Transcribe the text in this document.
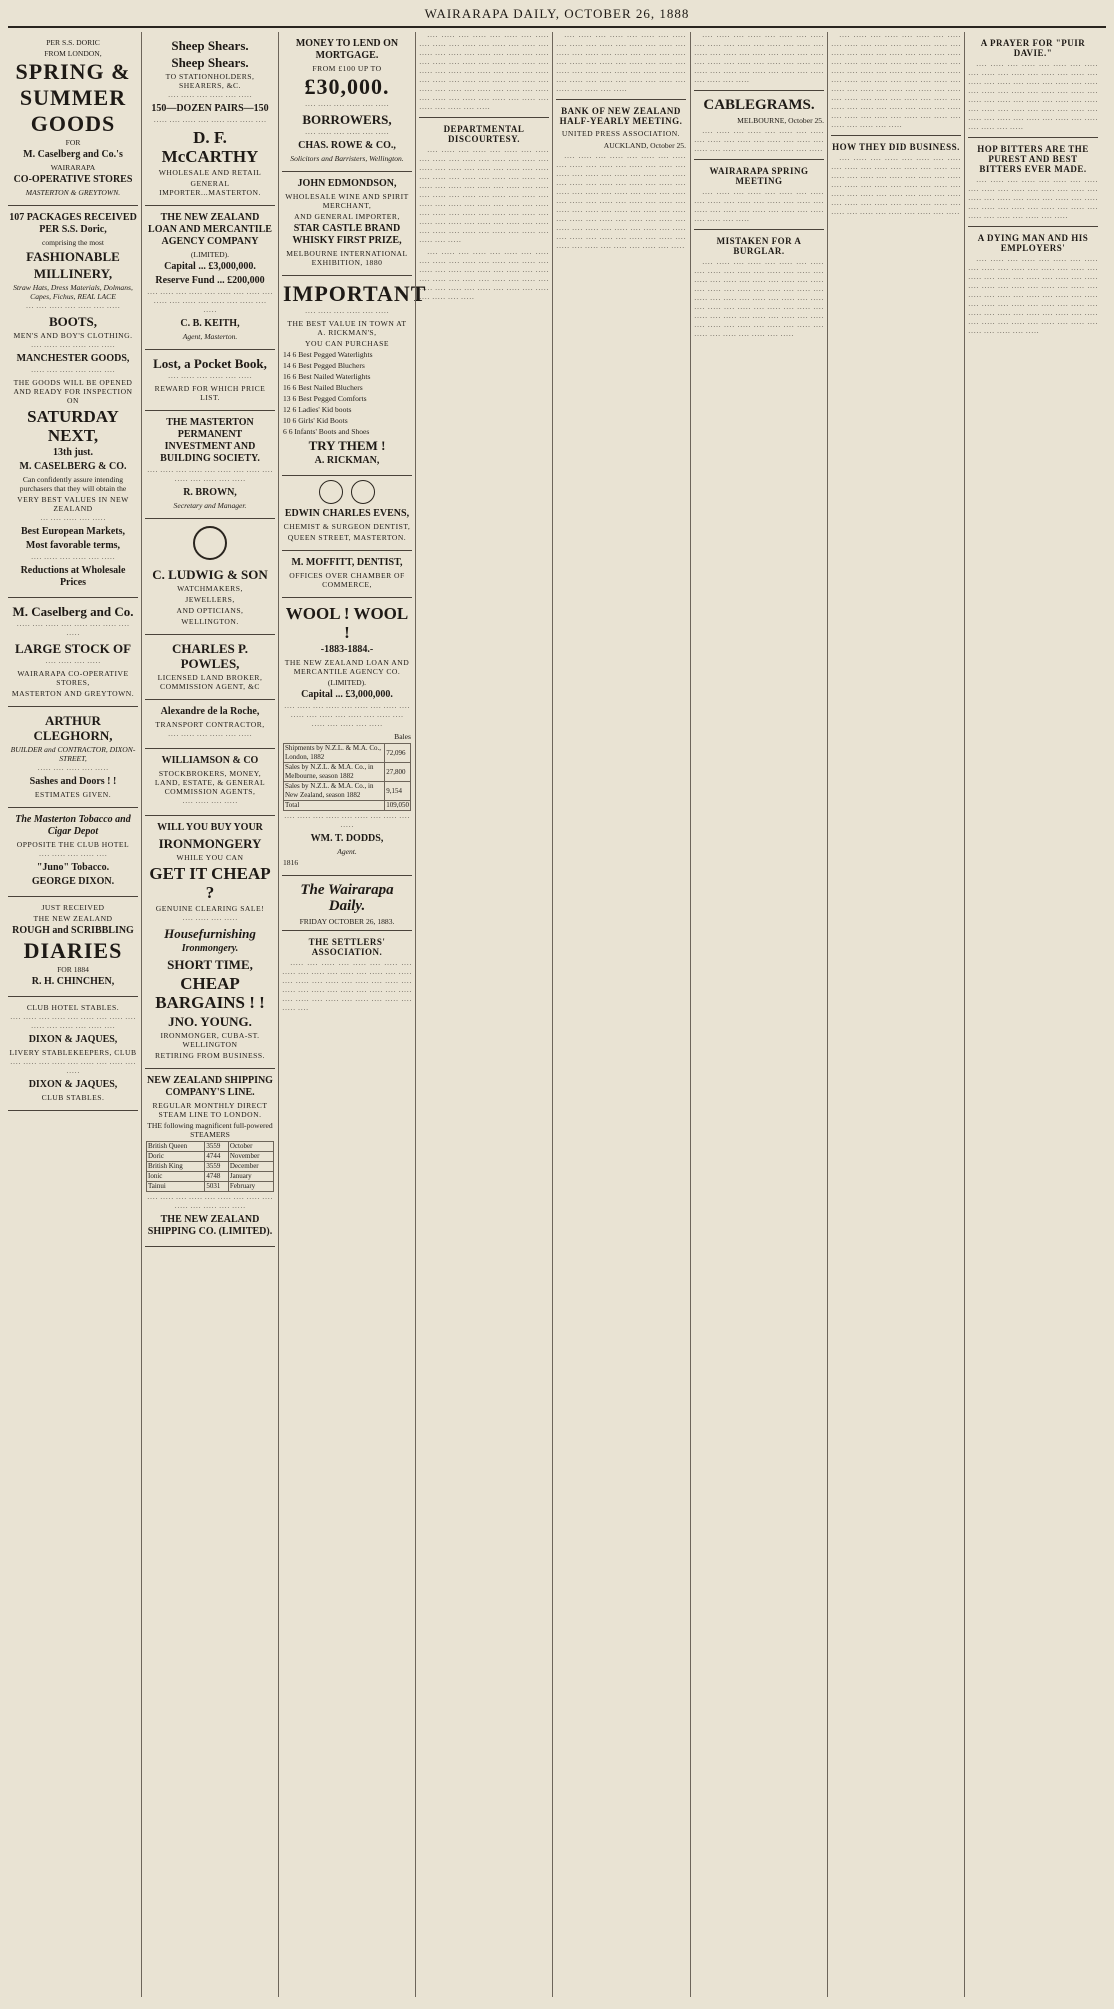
WAIRARAPA DAILY, OCTOBER 26, 1888

PER S.S. DORIC

FROM LONDON,

SPRING &

SUMMER

GOODS

FOR

M. Caselberg and Co.'s

WAIRARAPA

CO-OPERATIVE STORES

MASTERTON & GREYTOWN.

107 PACKAGES RECEIVED PER S.S. Doric,

comprising the most

FASHIONABLE

MILLINERY,

Straw Hats, Dress Materials, Dolmans, Capes, Fichus, REAL LACE

··· ···· ····· ···· ····· ···· ·····

BOOTS,

MEN'S AND BOY'S CLOTHING.

···· ····· ···· ····· ···· ·····

MANCHESTER GOODS,

····· ···· ····· ···· ····· ····

THE GOODS WILL BE OPENED AND READY FOR INSPECTION ON

SATURDAY NEXT,

13th just.

M. CASELBERG & CO.

Can confidently assure intending purchasers that they will obtain the

VERY BEST VALUES IN NEW ZEALAND

··· ···· ····· ···· ·····

Best European Markets,

Most favorable terms,

···· ····· ···· ····· ···· ·····

Reductions at Wholesale Prices

M. Caselberg and Co.

····· ···· ····· ···· ····· ···· ····· ···· ·····

LARGE STOCK OF

···· ····· ···· ·····

WAIRARAPA CO-OPERATIVE STORES,

MASTERTON AND GREYTOWN.

ARTHUR CLEGHORN,

BUILDER and CONTRACTOR, DIXON-STREET,

····· ···· ····· ···· ·····

Sashes and Doors ! !

ESTIMATES GIVEN.

The Masterton Tobacco and Cigar Depot

OPPOSITE THE CLUB HOTEL

···· ····· ···· ····· ····

"Juno" Tobacco.

GEORGE DIXON.

JUST RECEIVED

THE NEW ZEALAND

ROUGH and SCRIBBLING

DIARIES

FOR 1884

R. H. CHINCHEN,

CLUB HOTEL STABLES.

···· ····· ···· ····· ···· ····· ···· ····· ···· ····· ···· ····· ···· ····· ····

DIXON & JAQUES,

LIVERY STABLEKEEPERS, CLUB

···· ····· ···· ····· ···· ····· ···· ····· ···· ·····

DIXON & JAQUES,

CLUB STABLES.

Sheep Shears.

Sheep Shears.

TO STATIONHOLDERS, SHEARERS, &C.

···· ····· ···· ····· ···· ·····

150—DOZEN PAIRS—150

····· ···· ····· ···· ····· ···· ····· ····

D. F. McCARTHY

WHOLESALE AND RETAIL

GENERAL IMPORTER...MASTERTON.

THE NEW ZEALAND LOAN AND MERCANTILE AGENCY COMPANY

(LIMITED).

Capital ... £3,000,000.

Reserve Fund ... £200,000

···· ····· ···· ····· ···· ····· ···· ····· ···· ····· ···· ····· ···· ····· ···· ····· ···· ·····

C. B. KEITH,

Agent, Masterton.

Lost, a Pocket Book,

···· ····· ···· ····· ···· ·····

REWARD FOR WHICH PRICE LIST.

THE MASTERTON PERMANENT INVESTMENT AND BUILDING SOCIETY.

···· ····· ···· ····· ···· ····· ···· ····· ···· ····· ···· ····· ···· ·····

R. BROWN,

Secretary and Manager.

C. LUDWIG & SON

WATCHMAKERS,

JEWELLERS,

AND OPTICIANS,

WELLINGTON.

CHARLES P. POWLES,

LICENSED LAND BROKER, COMMISSION AGENT, &C

Alexandre de la Roche,

TRANSPORT CONTRACTOR,

···· ····· ···· ····· ···· ·····

WILLIAMSON & CO

STOCKBROKERS, MONEY, LAND, ESTATE, & GENERAL COMMISSION AGENTS,

···· ····· ···· ·····

WILL YOU BUY YOUR

IRONMONGERY

WHILE YOU CAN

GET IT CHEAP ?

GENUINE CLEARING SALE!

···· ····· ···· ·····

Housefurnishing

Ironmongery.

SHORT TIME,

CHEAP BARGAINS ! !

JNO. YOUNG.

IRONMONGER, CUBA-ST. WELLINGTON

RETIRING FROM BUSINESS.

NEW ZEALAND SHIPPING COMPANY'S LINE.

REGULAR MONTHLY DIRECT STEAM LINE TO LONDON.

THE following magnificent full-powered STEAMERS

British Queen	3559	October
Doric	4744	November
British King	3559	December
Ionic	4748	January
Tainui	5031	February

···· ····· ···· ····· ···· ····· ···· ····· ···· ····· ···· ····· ···· ·····

THE NEW ZEALAND SHIPPING CO. (LIMITED).

MONEY TO LEND ON MORTGAGE.

FROM £100 UP TO

£30,000.

···· ····· ···· ····· ···· ·····

BORROWERS,

···· ····· ···· ····· ···· ·····

CHAS. ROWE & CO.,

Solicitors and Barristers, Wellington.

JOHN EDMONDSON,

WHOLESALE WINE AND SPIRIT MERCHANT,

AND GENERAL IMPORTER,

STAR CASTLE BRAND WHISKY FIRST PRIZE,

MELBOURNE INTERNATIONAL EXHIBITION, 1880

IMPORTANT

···· ····· ···· ····· ···· ·····

THE BEST VALUE IN TOWN AT A. RICKMAN'S,

YOU CAN PURCHASE

14 6 Best Pegged Waterlights

14 6 Best Pegged Bluchers

16 6 Best Nailed Waterlights

16 6 Best Nailed Bluchers

13 6 Best Pegged Comforts

12 6 Ladies' Kid boots

10 6 Girls' Kid Boots

6 6 Infants' Boots and Shoes

TRY THEM !

A. RICKMAN,

EDWIN CHARLES EVENS,

CHEMIST & SURGEON DENTIST,

QUEEN STREET, MASTERTON.

M. MOFFITT, DENTIST,

OFFICES OVER CHAMBER OF COMMERCE,

WOOL ! WOOL !

-1883-1884.-

THE NEW ZEALAND LOAN AND MERCANTILE AGENCY CO.

(LIMITED).

Capital ... £3,000,000.

···· ····· ···· ····· ···· ····· ···· ····· ···· ····· ···· ····· ···· ····· ···· ····· ···· ····· ···· ····· ···· ·····

Bales

Shipments by N.Z.L. & M.A. Co., London, 1882	72,096
Sales by N.Z.L. & M.A. Co., in Melbourne, season 1882	27,800
Sales by N.Z.L. & M.A. Co., in New Zealand, season 1882	9,154
Total	109,050

···· ····· ···· ····· ···· ····· ···· ····· ···· ·····

WM. T. DODDS,

Agent.

1816

The Wairarapa Daily.

FRIDAY OCTOBER 26, 1883.

THE SETTLERS' ASSOCIATION.

····· ···· ····· ···· ····· ···· ····· ···· ····· ···· ····· ···· ····· ···· ····· ···· ····· ···· ····· ···· ····· ···· ····· ···· ····· ···· ····· ···· ····· ···· ····· ···· ····· ···· ····· ···· ····· ···· ····· ···· ····· ···· ····· ···· ····· ····

···· ····· ···· ····· ···· ····· ···· ····· ···· ····· ···· ····· ···· ····· ···· ····· ···· ····· ···· ····· ···· ····· ···· ····· ···· ····· ···· ····· ···· ····· ···· ····· ···· ····· ···· ····· ···· ····· ···· ····· ···· ····· ···· ····· ···· ····· ···· ····· ···· ····· ···· ····· ···· ····· ···· ····· ···· ····· ···· ····· ···· ····· ···· ····· ···· ····· ···· ····· ···· ····· ···· ····· ···· ····· ···· ·····

DEPARTMENTAL DISCOURTESY.

···· ····· ···· ····· ···· ····· ···· ····· ···· ····· ···· ····· ···· ····· ···· ····· ···· ····· ···· ····· ···· ····· ···· ····· ···· ····· ···· ····· ···· ····· ···· ····· ···· ····· ···· ····· ···· ····· ···· ····· ···· ····· ···· ····· ···· ····· ···· ····· ···· ····· ···· ····· ···· ····· ···· ····· ···· ····· ···· ····· ···· ····· ···· ····· ···· ····· ···· ····· ···· ····· ···· ····· ···· ····· ···· ····· ···· ····· ···· ····· ···· ····· ···· ····· ···· ····· ···· ····· ···· ····· ···· ·····

···· ····· ···· ····· ···· ····· ···· ····· ···· ····· ···· ····· ···· ····· ···· ····· ···· ····· ···· ····· ···· ····· ···· ····· ···· ····· ···· ····· ···· ····· ···· ····· ···· ····· ···· ····· ···· ····· ···· ····· ···· ····· ···· ····· ···· ····· ···· ·····

···· ····· ···· ····· ···· ····· ···· ····· ···· ····· ···· ····· ···· ····· ···· ····· ···· ····· ···· ····· ···· ····· ···· ····· ···· ····· ···· ····· ···· ····· ···· ····· ···· ····· ···· ····· ···· ····· ···· ····· ···· ····· ···· ····· ···· ····· ···· ····· ···· ····· ···· ····· ···· ····· ···· ····· ···· ·····

BANK OF NEW ZEALAND HALF-YEARLY MEETING.

UNITED PRESS ASSOCIATION.

AUCKLAND, October 25.

···· ····· ···· ····· ···· ····· ···· ····· ···· ····· ···· ····· ···· ····· ···· ····· ···· ····· ···· ····· ···· ····· ···· ····· ···· ····· ···· ····· ···· ····· ···· ····· ···· ····· ···· ····· ···· ····· ···· ····· ···· ····· ···· ····· ···· ····· ···· ····· ···· ····· ···· ····· ···· ····· ···· ····· ···· ····· ···· ····· ···· ····· ···· ····· ···· ····· ···· ····· ···· ····· ···· ····· ···· ····· ···· ····· ···· ····· ···· ····· ···· ····· ···· ····· ···· ····· ···· ····· ···· ····· ···· ····· ···· ····· ···· ····· ···· ·····

···· ····· ···· ····· ···· ····· ···· ····· ···· ····· ···· ····· ···· ····· ···· ····· ···· ····· ···· ····· ···· ····· ···· ····· ···· ····· ···· ····· ···· ····· ···· ····· ···· ····· ···· ····· ···· ····· ···· ····· ···· ····· ···· ····· ···· ····· ···· ·····

CABLEGRAMS.

MELBOURNE, October 25.

···· ····· ···· ····· ···· ····· ···· ····· ···· ····· ···· ····· ···· ····· ···· ····· ···· ····· ···· ····· ···· ····· ···· ····· ···· ·····

WAIRARAPA SPRING MEETING

···· ····· ···· ····· ···· ····· ···· ····· ···· ····· ···· ····· ···· ····· ···· ····· ···· ····· ···· ····· ···· ····· ···· ····· ···· ····· ···· ····· ···· ·····

MISTAKEN FOR A BURGLAR.

···· ····· ···· ····· ···· ····· ···· ····· ···· ····· ···· ····· ···· ····· ···· ····· ···· ····· ···· ····· ···· ····· ···· ····· ···· ····· ···· ····· ···· ····· ···· ····· ···· ····· ···· ····· ···· ····· ···· ····· ···· ····· ···· ····· ···· ····· ···· ····· ···· ····· ···· ····· ···· ····· ···· ····· ···· ····· ···· ····· ···· ····· ···· ····· ···· ····· ···· ····· ···· ····· ···· ····· ···· ····· ···· ····· ···· ·····

···· ····· ···· ····· ···· ····· ···· ····· ···· ····· ···· ····· ···· ····· ···· ····· ···· ····· ···· ····· ···· ····· ···· ····· ···· ····· ···· ····· ···· ····· ···· ····· ···· ····· ···· ····· ···· ····· ···· ····· ···· ····· ···· ····· ···· ····· ···· ····· ···· ····· ···· ····· ···· ····· ···· ····· ···· ····· ···· ····· ···· ····· ···· ····· ···· ····· ···· ····· ···· ····· ···· ····· ···· ····· ···· ····· ···· ····· ···· ····· ···· ····· ···· ····· ···· ····· ···· ····· ···· ····· ···· ····· ···· ·····

HOW THEY DID BUSINESS.

···· ····· ···· ····· ···· ····· ···· ····· ···· ····· ···· ····· ···· ····· ···· ····· ···· ····· ···· ····· ···· ····· ···· ····· ···· ····· ···· ····· ···· ····· ···· ····· ···· ····· ···· ····· ···· ····· ···· ····· ···· ····· ···· ····· ···· ····· ···· ····· ···· ····· ···· ····· ···· ····· ···· ····· ···· ····· ···· ····· ···· ·····

A PRAYER FOR "PUIR DAVIE."

···· ····· ···· ····· ···· ····· ···· ····· ···· ····· ···· ····· ···· ····· ···· ····· ···· ····· ···· ····· ···· ····· ···· ····· ···· ····· ···· ····· ···· ····· ···· ····· ···· ····· ···· ····· ···· ····· ···· ····· ···· ····· ···· ····· ···· ····· ···· ····· ···· ····· ···· ····· ···· ····· ···· ····· ···· ····· ···· ····· ···· ····· ···· ····· ···· ·····

HOP BITTERS ARE THE PUREST AND BEST BITTERS EVER MADE.

···· ····· ···· ····· ···· ····· ···· ····· ···· ····· ···· ····· ···· ····· ···· ····· ···· ····· ···· ····· ···· ····· ···· ····· ···· ····· ···· ····· ···· ····· ···· ····· ···· ····· ···· ····· ···· ····· ···· ····· ···· ·····

A DYING MAN AND HIS EMPLOYERS'

···· ····· ···· ····· ···· ····· ···· ····· ···· ····· ···· ····· ···· ····· ···· ····· ···· ····· ···· ····· ···· ····· ···· ····· ···· ····· ···· ····· ···· ····· ···· ····· ···· ····· ···· ····· ···· ····· ···· ····· ···· ····· ···· ····· ···· ····· ···· ····· ···· ····· ···· ····· ···· ····· ···· ····· ···· ····· ···· ····· ···· ····· ···· ····· ···· ····· ···· ····· ···· ····· ···· ····· ···· ····· ···· ·····
